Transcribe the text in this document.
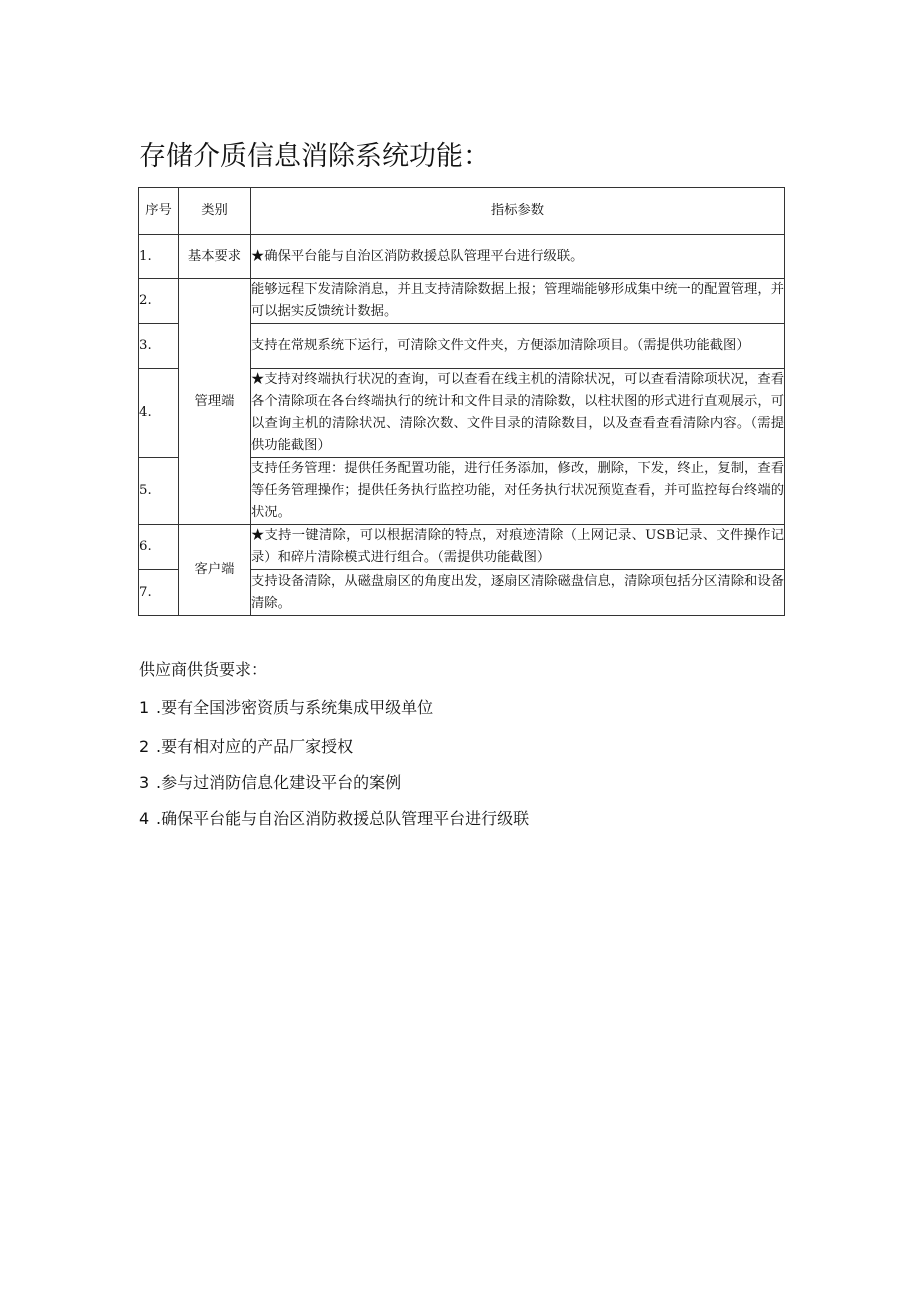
存储介质信息消除系统功能：
序号	类别	指标参数
1.	基本要求	★确保平台能与自治区消防救援总队管理平台进行级联。
2.	管理端	能够远程下发清除消息，并且支持清除数据上报；管理端能够形成集中统一的配置管理，并可以据实反馈统计数据。
3.		支持在常规系统下运行，可清除文件文件夹，方便添加清除项目。（需提供功能截图）
4.		★支持对终端执行状况的查询，可以查看在线主机的清除状况，可以查看清除项状况，查看各个清除项在各台终端执行的统计和文件目录的清除数，以柱状图的形式进行直观展示，可以查询主机的清除状况、清除次数、文件目录的清除数目，以及查看查看清除内容。（需提供功能截图）
5.		支持任务管理：提供任务配置功能，进行任务添加，修改，删除，下发，终止，复制，查看等任务管理操作；提供任务执行监控功能，对任务执行状况预览查看，并可监控每台终端的状况。
6.	客户端	★支持一键清除，可以根据清除的特点，对痕迹清除（上网记录、USB记录、文件操作记录）和碎片清除模式进行组合。（需提供功能截图）
7.		支持设备清除，从磁盘扇区的角度出发，逐扇区清除磁盘信息，清除项包括分区清除和设备清除。
供应商供货要求：
1 .要有全国涉密资质与系统集成甲级单位
2 .要有相对应的产品厂家授权
3 .参与过消防信息化建设平台的案例
4 .确保平台能与自治区消防救援总队管理平台进行级联
